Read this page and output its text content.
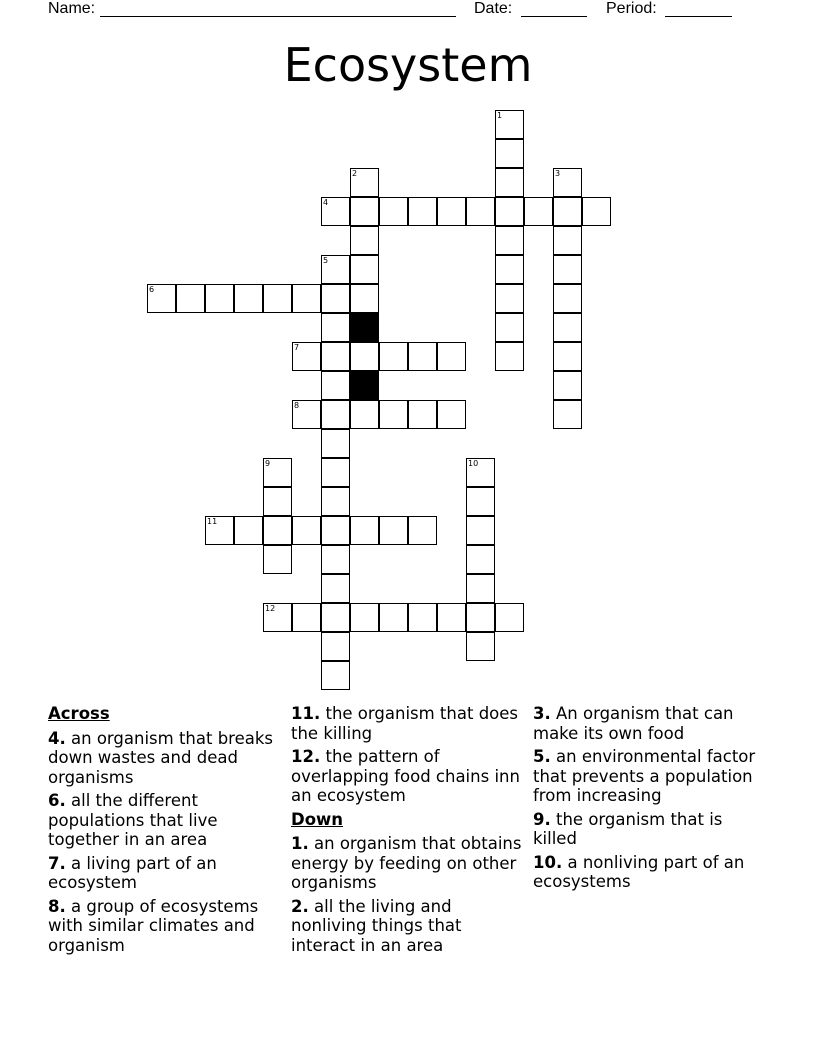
Name:	Date:	Period:
Ecosystem
1
2	3
4
5
6
7
8
9	10
11
12
Across
4. an organism that breaks down wastes and dead organisms
6. all the different populations that live together in an area
7. a living part of an ecosystem
8. a group of ecosystems with similar climates and organism
11. the organism that does the killing
12. the pattern of overlapping food chains inn an ecosystem
Down
1. an organism that obtains energy by feeding on other organisms
2. all the living and nonliving things that interact in an area
3. An organism that can make its own food
5. an environmental factor that prevents a population from increasing
9. the organism that is killed
10. a nonliving part of an ecosystems
